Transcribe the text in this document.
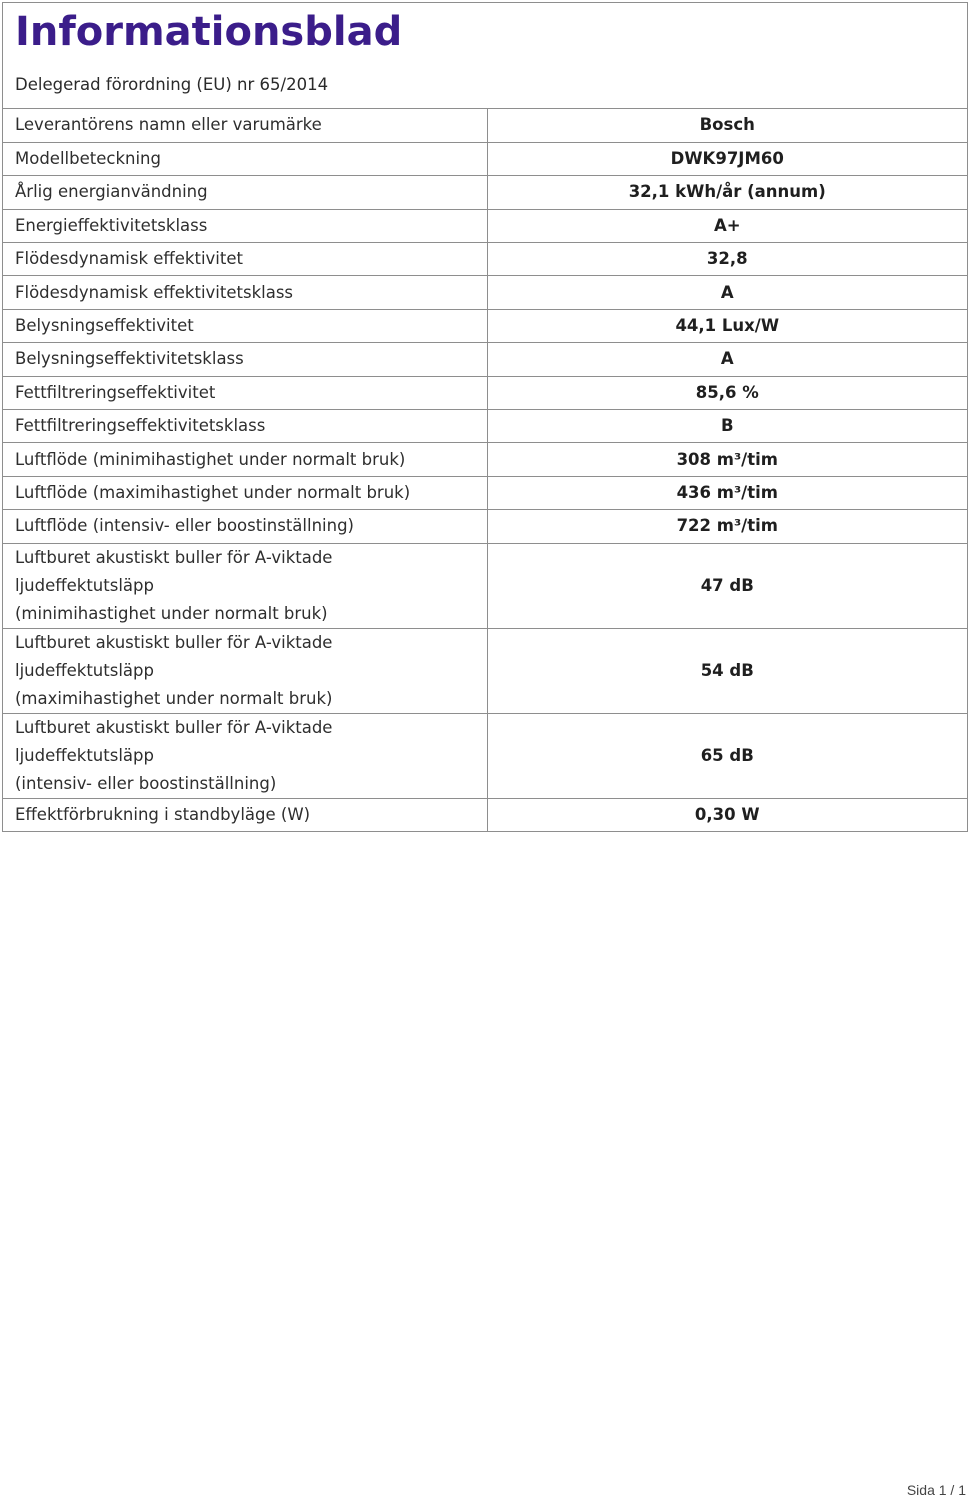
Informationsblad
Delegerad förordning (EU) nr 65/2014
Leverantörens namn eller varumärke	Bosch
Modellbeteckning	DWK97JM60
Årlig energianvändning	32,1 kWh/år (annum)
Energieffektivitetsklass	A+
Flödesdynamisk effektivitet	32,8
Flödesdynamisk effektivitetsklass	A
Belysningseffektivitet	44,1 Lux/W
Belysningseffektivitetsklass	A
Fettfiltreringseffektivitet	85,6 %
Fettfiltreringseffektivitetsklass	B
Luftflöde (minimihastighet under normalt bruk)	308 m³/tim
Luftflöde (maximihastighet under normalt bruk)	436 m³/tim
Luftflöde (intensiv- eller boostinställning)	722 m³/tim

Luftburet akustiskt buller för A-viktade ljudeffektutsläpp
(minimihastighet under normalt bruk)	47 dB

Luftburet akustiskt buller för A-viktade ljudeffektutsläpp
(maximihastighet under normalt bruk)	54 dB

Luftburet akustiskt buller för A-viktade ljudeffektutsläpp
(intensiv- eller boostinställning)	65 dB
Effektförbrukning i standbyläge (W)	0,30 W
Sida 1 / 1
